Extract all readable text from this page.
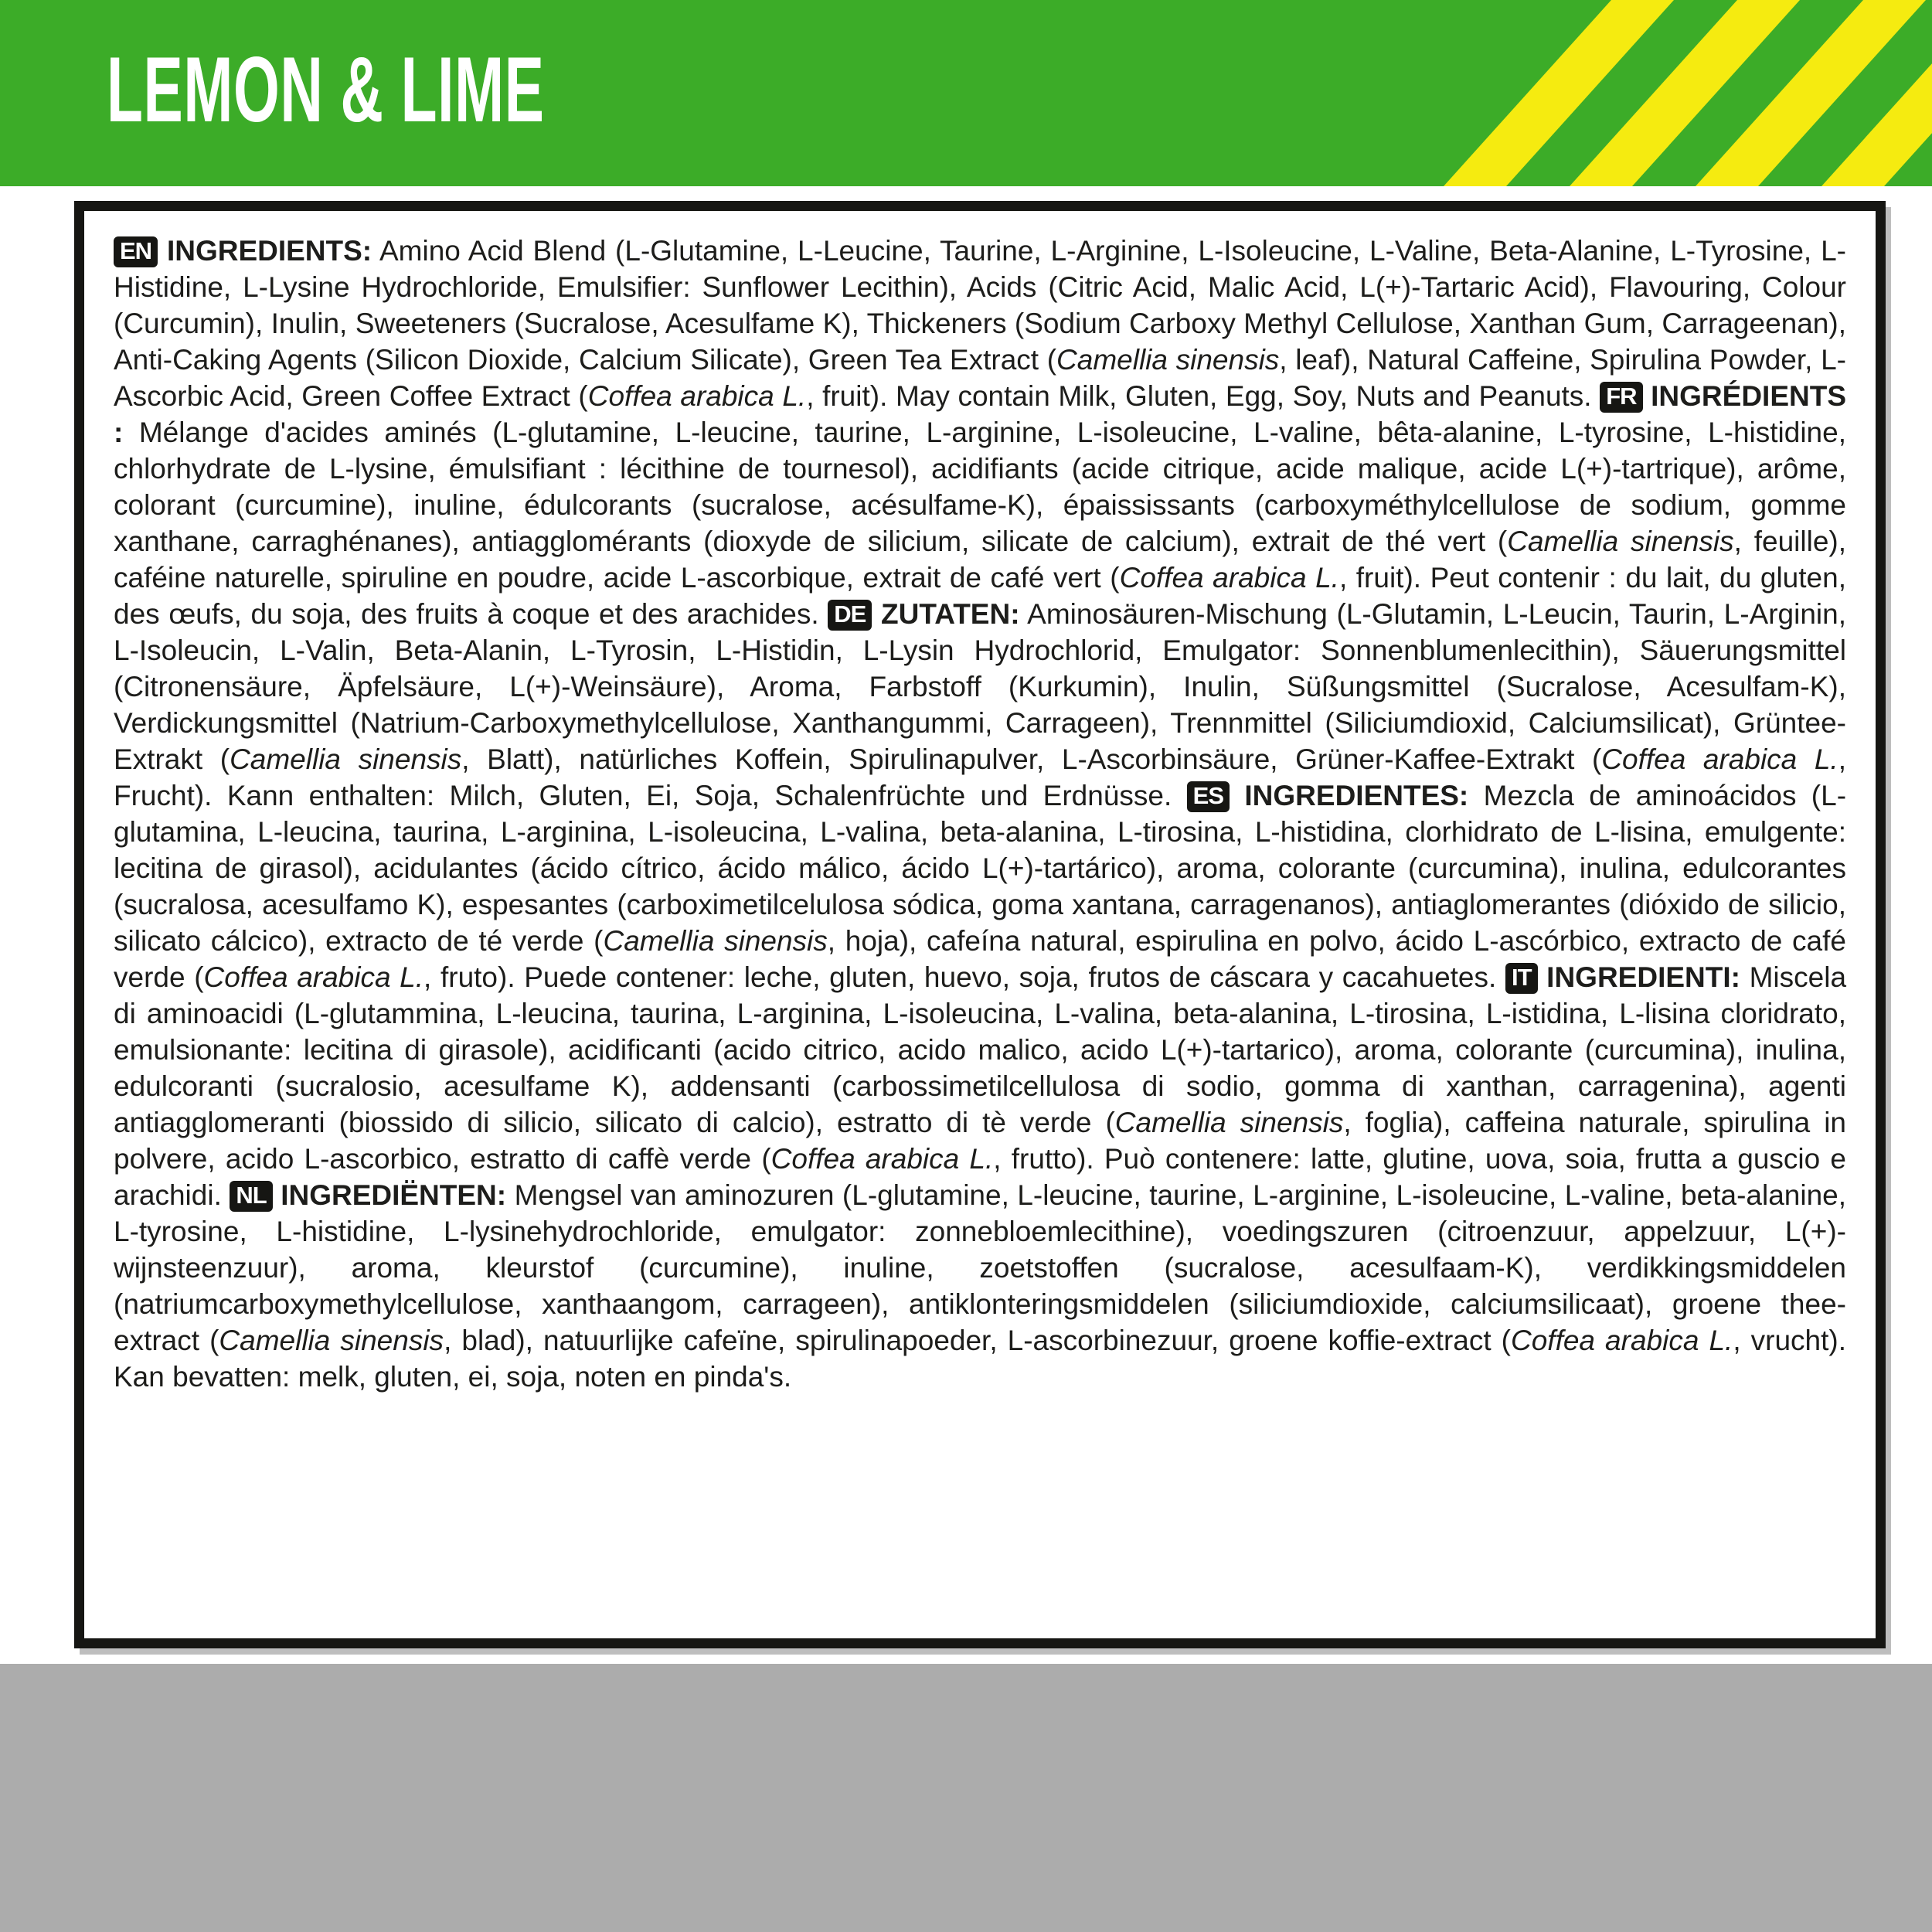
LEMON & LIME

EN INGREDIENTS: Amino Acid Blend (L-Glutamine, L-Leucine, Taurine, L-Arginine, L-Isoleucine, L-Valine, Beta-Alanine, L-Tyrosine, L-Histidine, L-Lysine Hydrochloride, Emulsifier: Sunflower Lecithin), Acids (Citric Acid, Malic Acid, L(+)-Tartaric Acid), Flavouring, Colour (Curcumin), Inulin, Sweeteners (Sucralose, Acesulfame K), Thickeners (Sodium Carboxy Methyl Cellulose, Xanthan Gum, Carrageenan), Anti-Caking Agents (Silicon Dioxide, Calcium Silicate), Green Tea Extract (Camellia sinensis, leaf), Natural Caffeine, Spirulina Powder, L-Ascorbic Acid, Green Coffee Extract (Coffea arabica L., fruit). May contain Milk, Gluten, Egg, Soy, Nuts and Peanuts. FR INGRÉDIENTS : Mélange d'acides aminés (L-glutamine, L-leucine, taurine, L-arginine, L-isoleucine, L-valine, bêta-alanine, L-tyrosine, L-histidine, chlorhydrate de L-lysine, émulsifiant : lécithine de tournesol), acidifiants (acide citrique, acide malique, acide L(+)-tartrique), arôme, colorant (curcumine), inuline, édulcorants (sucralose, acésulfame-K), épaississants (carboxyméthylcellulose de sodium, gomme xanthane, carraghénanes), antiagglomérants (dioxyde de silicium, silicate de calcium), extrait de thé vert (Camellia sinensis, feuille), caféine naturelle, spiruline en poudre, acide L-ascorbique, extrait de café vert (Coffea arabica L., fruit). Peut contenir : du lait, du gluten, des œufs, du soja, des fruits à coque et des arachides. DE ZUTATEN: Aminosäuren-Mischung (L-Glutamin, L-Leucin, Taurin, L-Arginin, L-Isoleucin, L-Valin, Beta-Alanin, L-Tyrosin, L-Histidin, L-Lysin Hydrochlorid, Emulgator: Sonnenblumenlecithin), Säuerungsmittel (Citronensäure, Äpfelsäure, L(+)-Weinsäure), Aroma, Farbstoff (Kurkumin), Inulin, Süßungsmittel (Sucralose, Acesulfam-K), Verdickungsmittel (Natrium-Carboxymethylcellulose, Xanthangummi, Carrageen), Trennmittel (Siliciumdioxid, Calciumsilicat), Grüntee-Extrakt (Camellia sinensis, Blatt), natürliches Koffein, Spirulinapulver, L-Ascorbinsäure, Grüner-Kaffee-Extrakt (Coffea arabica L., Frucht). Kann enthalten: Milch, Gluten, Ei, Soja, Schalenfrüchte und Erdnüsse. ES INGREDIENTES: Mezcla de aminoácidos (L-glutamina, L-leucina, taurina, L-arginina, L-isoleucina, L-valina, beta-alanina, L-tirosina, L-histidina, clorhidrato de L-lisina, emulgente: lecitina de girasol), acidulantes (ácido cítrico, ácido málico, ácido L(+)-tartárico), aroma, colorante (curcumina), inulina, edulcorantes (sucralosa, acesulfamo K), espesantes (carboximetilcelulosa sódica, goma xantana, carragenanos), antiaglomerantes (dióxido de silicio, silicato cálcico), extracto de té verde (Camellia sinensis, hoja), cafeína natural, espirulina en polvo, ácido L-ascórbico, extracto de café verde (Coffea arabica L., fruto). Puede contener: leche, gluten, huevo, soja, frutos de cáscara y cacahuetes. IT INGREDIENTI: Miscela di aminoacidi (L-glutammina, L-leucina, taurina, L-arginina, L-isoleucina, L-valina, beta-alanina, L-tirosina, L-istidina, L-lisina cloridrato, emulsionante: lecitina di girasole), acidificanti (acido citrico, acido malico, acido L(+)-tartarico), aroma, colorante (curcumina), inulina, edulcoranti (sucralosio, acesulfame K), addensanti (carbossimetilcellulosa di sodio, gomma di xanthan, carragenina), agenti antiagglomeranti (biossido di silicio, silicato di calcio), estratto di tè verde (Camellia sinensis, foglia), caffeina naturale, spirulina in polvere, acido L-ascorbico, estratto di caffè verde (Coffea arabica L., frutto). Può contenere: latte, glutine, uova, soia, frutta a guscio e arachidi. NL INGREDIËNTEN: Mengsel van aminozuren (L-glutamine, L-leucine, taurine, L-arginine, L-isoleucine, L-valine, beta-alanine, L-tyrosine, L-histidine, L-lysinehydrochloride, emulgator: zonnebloemlecithine), voedingszuren (citroenzuur, appelzuur, L(+)-wijnsteenzuur), aroma, kleurstof (curcumine), inuline, zoetstoffen (sucralose, acesulfaam-K), verdikkingsmiddelen (natriumcarboxymethylcellulose, xanthaangom, carrageen), antiklonteringsmiddelen (siliciumdioxide, calciumsilicaat), groene thee-extract (Camellia sinensis, blad), natuurlijke cafeïne, spirulinapoeder, L-ascorbinezuur, groene koffie-extract (Coffea arabica L., vrucht). Kan bevatten: melk, gluten, ei, soja, noten en pinda's.
